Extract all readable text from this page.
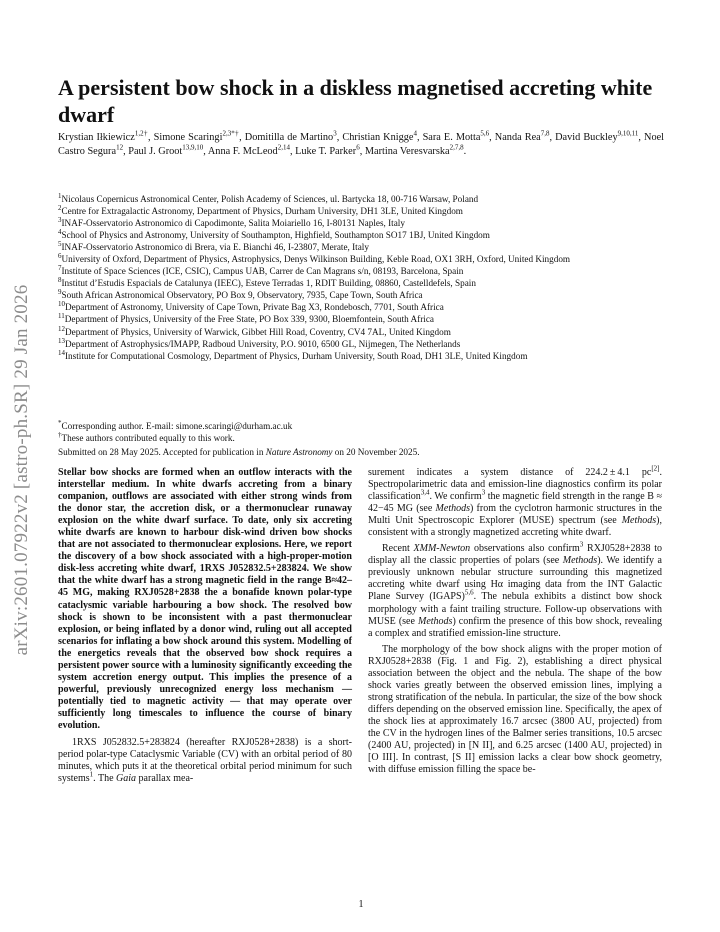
arXiv:2601.07922v2 [astro-ph.SR] 29 Jan 2026
A persistent bow shock in a diskless magnetised accreting white dwarf
Krystian Iłkiewicz$^{1,2\dagger}$, Simone Scaringi$^{2,3*\dagger}$, Domitilla de Martino$^3$, Christian Knigge$^4$, Sara E. Motta$^{5,6}$, Nanda Rea$^{7,8}$, David Buckley$^{9,10,11}$, Noel Castro Segura$^{12}$, Paul J. Groot$^{13,9,10}$, Anna F. McLeod$^{2,14}$, Luke T. Parker$^6$, Martina Veresvarska$^{2,7,8}$.
$^1$Nicolaus Copernicus Astronomical Center, Polish Academy of Sciences, ul. Bartycka 18, 00-716 Warsaw, Poland
$^2$Centre for Extragalactic Astronomy, Department of Physics, Durham University, DH1 3LE, United Kingdom
$^3$INAF-Osservatorio Astronomico di Capodimonte, Salita Moiariello 16, I-80131 Naples, Italy
$^4$School of Physics and Astronomy, University of Southampton, Highfield, Southampton SO17 1BJ, United Kingdom
$^5$INAF-Osservatorio Astronomico di Brera, via E. Bianchi 46, I-23807, Merate, Italy
$^6$University of Oxford, Department of Physics, Astrophysics, Denys Wilkinson Building, Keble Road, OX1 3RH, Oxford, United Kingdom
$^7$Institute of Space Sciences (ICE, CSIC), Campus UAB, Carrer de Can Magrans s/n, 08193, Barcelona, Spain
$^8$Institut d’Estudis Espacials de Catalunya (IEEC), Esteve Terradas 1, RDIT Building, 08860, Castelldefels, Spain
$^9$South African Astronomical Observatory, PO Box 9, Observatory, 7935, Cape Town, South Africa
$^{10}$Department of Astronomy, University of Cape Town, Private Bag X3, Rondebosch, 7701, South Africa
$^{11}$Department of Physics, University of the Free State, PO Box 339, 9300, Bloemfontein, South Africa
$^{12}$Department of Physics, University of Warwick, Gibbet Hill Road, Coventry, CV4 7AL, United Kingdom
$^{13}$Department of Astrophysics/IMAPP, Radboud University, P.O. 9010, 6500 GL, Nijmegen, The Netherlands
$^{14}$Institute for Computational Cosmology, Department of Physics, Durham University, South Road, DH1 3LE, United Kingdom
*Corresponding author. E-mail: simone.scaringi@durham.ac.uk
†These authors contributed equally to this work.
Submitted on 28 May 2025. Accepted for publication in Nature Astronomy on 20 November 2025.

Stellar bow shocks are formed when an outflow interacts with the interstellar medium. In white dwarfs accreting from a binary companion, outflows are associated with either strong winds from the donor star, the accretion disk, or a thermonuclear runaway explosion on the white dwarf surface. To date, only six accreting white dwarfs are known to harbour disk-wind driven bow shocks that are not associated to thermonuclear explosions. Here, we report the discovery of a bow shock associated with a high-proper-motion disk-less accreting white dwarf, 1RXS J052832.5+283824. We show that the white dwarf has a strong magnetic field in the range B≈42–45 MG, making RXJ0528+2838 the a bonafide known polar-type cataclysmic variable harbouring a bow shock. The resolved bow shock is shown to be inconsistent with a past thermonuclear explosion, or being inflated by a donor wind, ruling out all accepted scenarios for inflating a bow shock around this system. Modelling of the energetics reveals that the observed bow shock requires a persistent power source with a luminosity significantly exceeding the system accretion energy output. This implies the presence of a powerful, previously unrecognized energy loss mechanism — potentially tied to magnetic activity — that may operate over sufficiently long timescales to influence the course of binary evolution.

1RXS J052832.5+283824 (hereafter RXJ0528+2838) is a short-period polar-type Cataclysmic Variable (CV) with an orbital period of 80 minutes, which puts it at the theoretical orbital period minimum for such systems$^1$. The Gaia parallax mea-

surement indicates a system distance of 224.2 ± 4.1 pc[2]. Spectropolarimetric data and emission-line diagnostics confirm its polar classification$^{3,4}$. We confirm$^3$ the magnetic field strength in the range B ≈ 42−45 MG (see Methods) from the cyclotron harmonic structures in the Multi Unit Spectroscopic Explorer (MUSE) spectrum (see Methods), consistent with a strongly magnetized accreting white dwarf.

Recent XMM-Newton observations also confirm$^3$ RXJ0528+2838 to display all the classic properties of polars (see Methods). We identify a previously unknown nebular structure surrounding this magnetized accreting white dwarf using Hα imaging data from the INT Galactic Plane Survey (IGAPS)$^{5,6}$. The nebula exhibits a distinct bow shock morphology with a faint trailing structure. Follow-up observations with MUSE (see Methods) confirm the presence of this bow shock, revealing a complex and stratified emission-line structure.

The morphology of the bow shock aligns with the proper motion of RXJ0528+2838 (Fig. 1 and Fig. 2), establishing a direct physical association between the object and the nebula. The shape of the bow shock varies greatly between the observed emission lines, implying a strong stratification of the nebula. In particular, the size of the bow shock differs depending on the observed emission line. Specifically, the apex of the shock lies at approximately 16.7 arcsec (3800 AU, projected) from the CV in the hydrogen lines of the Balmer series transitions, 10.5 arcsec (2400 AU, projected) in [N II], and 6.25 arcsec (1400 AU, projected) in [O III]. In contrast, [S II] emission lacks a clear bow shock geometry, with diffuse emission filling the space be-

1
